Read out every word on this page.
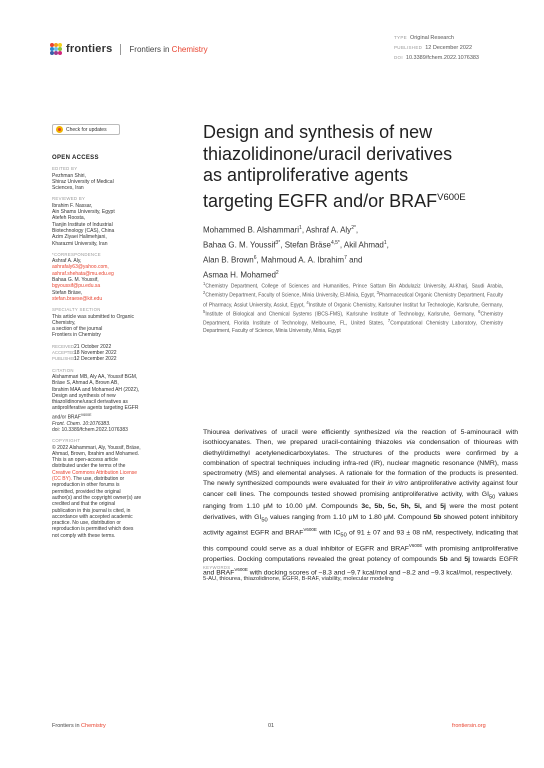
frontiers Frontiers in Chemistry
TYPE Original Research
PUBLISHED 12 December 2022
DOI 10.3389/fchem.2022.1076383
Check for updates
OPEN ACCESS
EDITED BY
Pezhman Shiri,
Shiraz University of Medical
Sciences, Iran
REVIEWED BY
Ibrahim F. Nassar,
Ain Shams University, Egypt
Atefeh Roosta,
Tianjin Institute of Industrial
Biotechnology (CAS), China
Azim Ziyaei Halimehjani,
Kharazmi University, Iran
*CORRESPONDENCE
Ashraf A. Aly,
ashrafaly63@yahoo.com,
ashraf.shehata@mu.edu.eg
Bahaa G. M. Youssif,
bgyoussif@pu.edu.sa
Stefan Bräse,
stefan.braese@kit.edu
SPECIALTY SECTION
This article was submitted to Organic
Chemistry,
a section of the journal
Frontiers in Chemistry
RECEIVED 21 October 2022
ACCEPTED
18 November 2022
PUBLISHED
12 December 2022
CITATION
Alshammari MB, Aly AA, Youssif BGM,
Bräse S, Ahmad A, Brown AB,
Ibrahim MAA and Mohamed AH (2022),
Design and synthesis of new
thiazolidinone/uracil derivatives as
antiproliferative agents targeting EGFR
and/or $BRAF^{V600E}$
Front. Chem. 10:1076383.
doi: 10.3389/fchem.2022.1076383
COPYRIGHT
© 2022 Alshammari, Aly, Youssif, Bräse,
Ahmad, Brown, Ibrahim and Mohamed.
This is an open-access article
distributed under the terms of the
Creative Commons Attribution License
(CC BY). The use, distribution or
reproduction in other forums is
permitted, provided the original
author(s) and the copyright owner(s) are
credited and that the original
publication in this journal is cited, in
accordance with accepted academic
practice. No use, distribution or
reproduction is permitted which does
not comply with these terms.
Design and synthesis of new
thiazolidinone/uracil derivatives
as antiproliferative agents
targeting EGFR and/or $BRAF^{V600E}$
Mohammed B. Alshammari$^1$, Ashraf A. Aly$^{2*}$,
Bahaa G. M. Youssif$^{3*}$, Stefan Bräse$^{4,5*}$, Akil Ahmad$^1$,
Alan B. Brown$^6$, Mahmoud A. A. Ibrahim$^7$ and
Asmaa H. Mohamed$^2$
$^1$Chemistry Department, College of Sciences and Humanities, Prince Sattam Bin Abdulaziz University, Al-Kharj, Saudi Arabia, $^2$Chemistry Department, Faculty of Science, Minia University, El-Minia, Egypt, $^3$Pharmaceutical Organic Chemistry Department, Faculty of Pharmacy, Assiut University, Assiut, Egypt, $^4$Institute of Organic Chemistry, Karlsruher Institut fur Technologie, Karlsruhe, Germany, $^5$Institute of Biological and Chemical Systems (IBCS-FMS), Karlsruhe Institute of Technology, Karlsruhe, Germany, $^6$Chemistry Department, Florida Institute of Technology, Melbourne, FL, United States, $^7$Computational Chemistry Laboratory, Chemistry Department, Faculty of Science, Minia University, Minia, Egypt
Thiourea derivatives of uracil were efficiently synthesized via the reaction of 5-aminouracil with isothiocyanates. Then, we prepared uracil-containing thiazoles via condensation of thioureas with diethyl/dimethyl acetylenedicarboxylates. The structures of the products were confirmed by a combination of spectral techniques including infra-red (IR), nuclear magnetic resonance (NMR), mass spectrometry (MS) and elemental analyses. A rationale for the formation of the products is presented. The newly synthesized compounds were evaluated for their in vitro antiproliferative activity against four cancer cell lines. The compounds tested showed promising antiproliferative activity, with $GI_{50}$ values ranging from 1.10 μM to 10.00 μM. Compounds 3c, 5b, 5c, 5h, 5i, and 5j were the most potent derivatives, with $GI_{50}$ values ranging from 1.10 μM to 1.80 μM. Compound 5b showed potent inhibitory activity against EGFR and $BRAF^{V600E}$ with $IC_{50}$ of 91 ± 07 and 93 ± 08 nM, respectively, indicating that this compound could serve as a dual inhibitor of EGFR and $BRAF^{V600E}$ with promising antiproliferative properties. Docking computations revealed the great potency of compounds 5b and 5j towards EGFR and $BRAF^{V600E}$ with docking scores of −8.3 and −9.7 kcal/mol and −8.2 and −9.3 kcal/mol, respectively.
KEYWORDS
5-AU, thiourea, thiazolidinone, EGFR, B-RAF, viability, molecular modeling
Frontiers in Chemistry	01	frontiersin.org
